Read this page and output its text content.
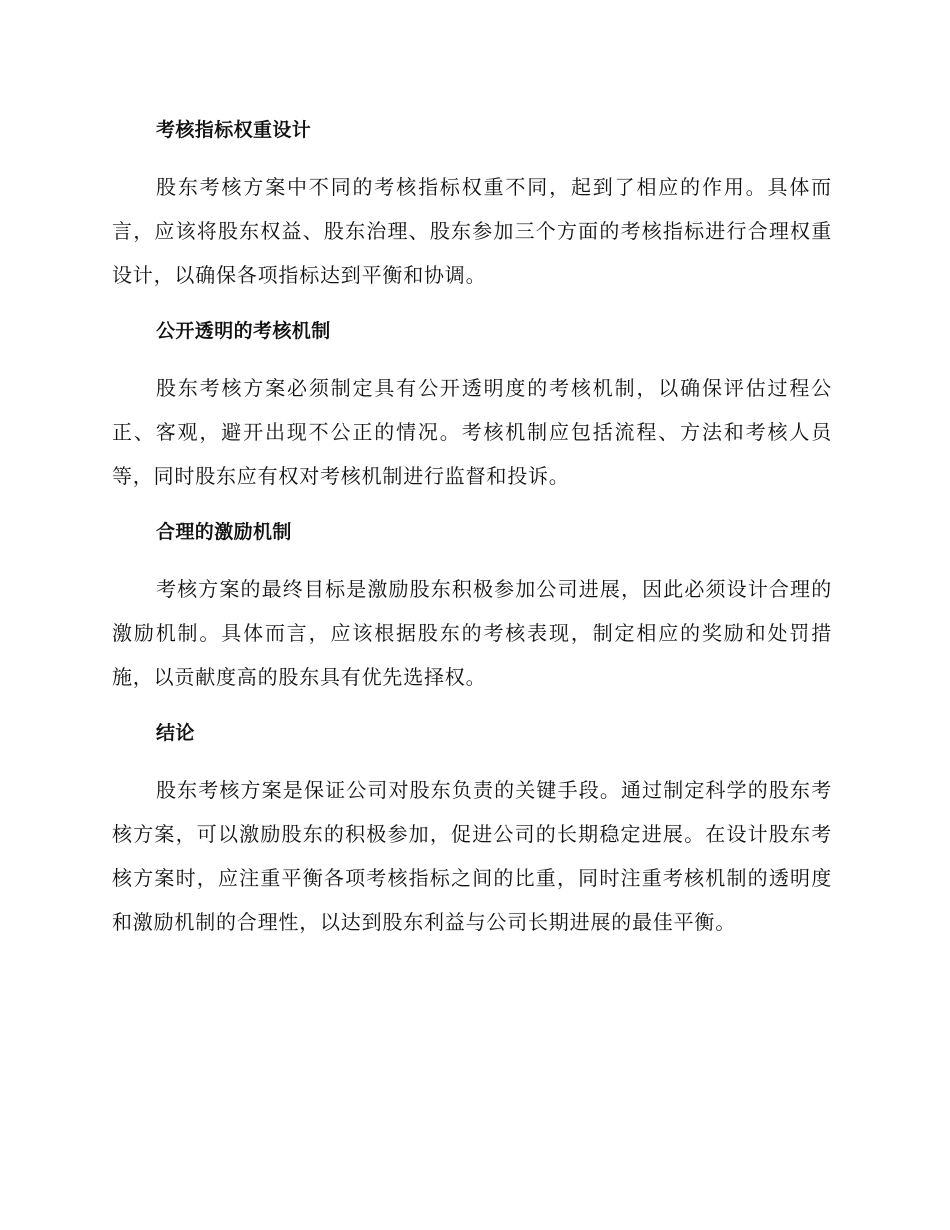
考核指标权重设计

股东考核方案中不同的考核指标权重不同，起到了相应的作用。具体而言，应该将股东权益、股东治理、股东参加三个方面的考核指标进行合理权重设计，以确保各项指标达到平衡和协调。

公开透明的考核机制

股东考核方案必须制定具有公开透明度的考核机制，以确保评估过程公正、客观，避开出现不公正的情况。考核机制应包括流程、方法和考核人员等，同时股东应有权对考核机制进行监督和投诉。

合理的激励机制

考核方案的最终目标是激励股东积极参加公司进展，因此必须设计合理的激励机制。具体而言，应该根据股东的考核表现，制定相应的奖励和处罚措施，以贡献度高的股东具有优先选择权。

结论

股东考核方案是保证公司对股东负责的关键手段。通过制定科学的股东考核方案，可以激励股东的积极参加，促进公司的长期稳定进展。在设计股东考核方案时，应注重平衡各项考核指标之间的比重，同时注重考核机制的透明度和激励机制的合理性，以达到股东利益与公司长期进展的最佳平衡。
